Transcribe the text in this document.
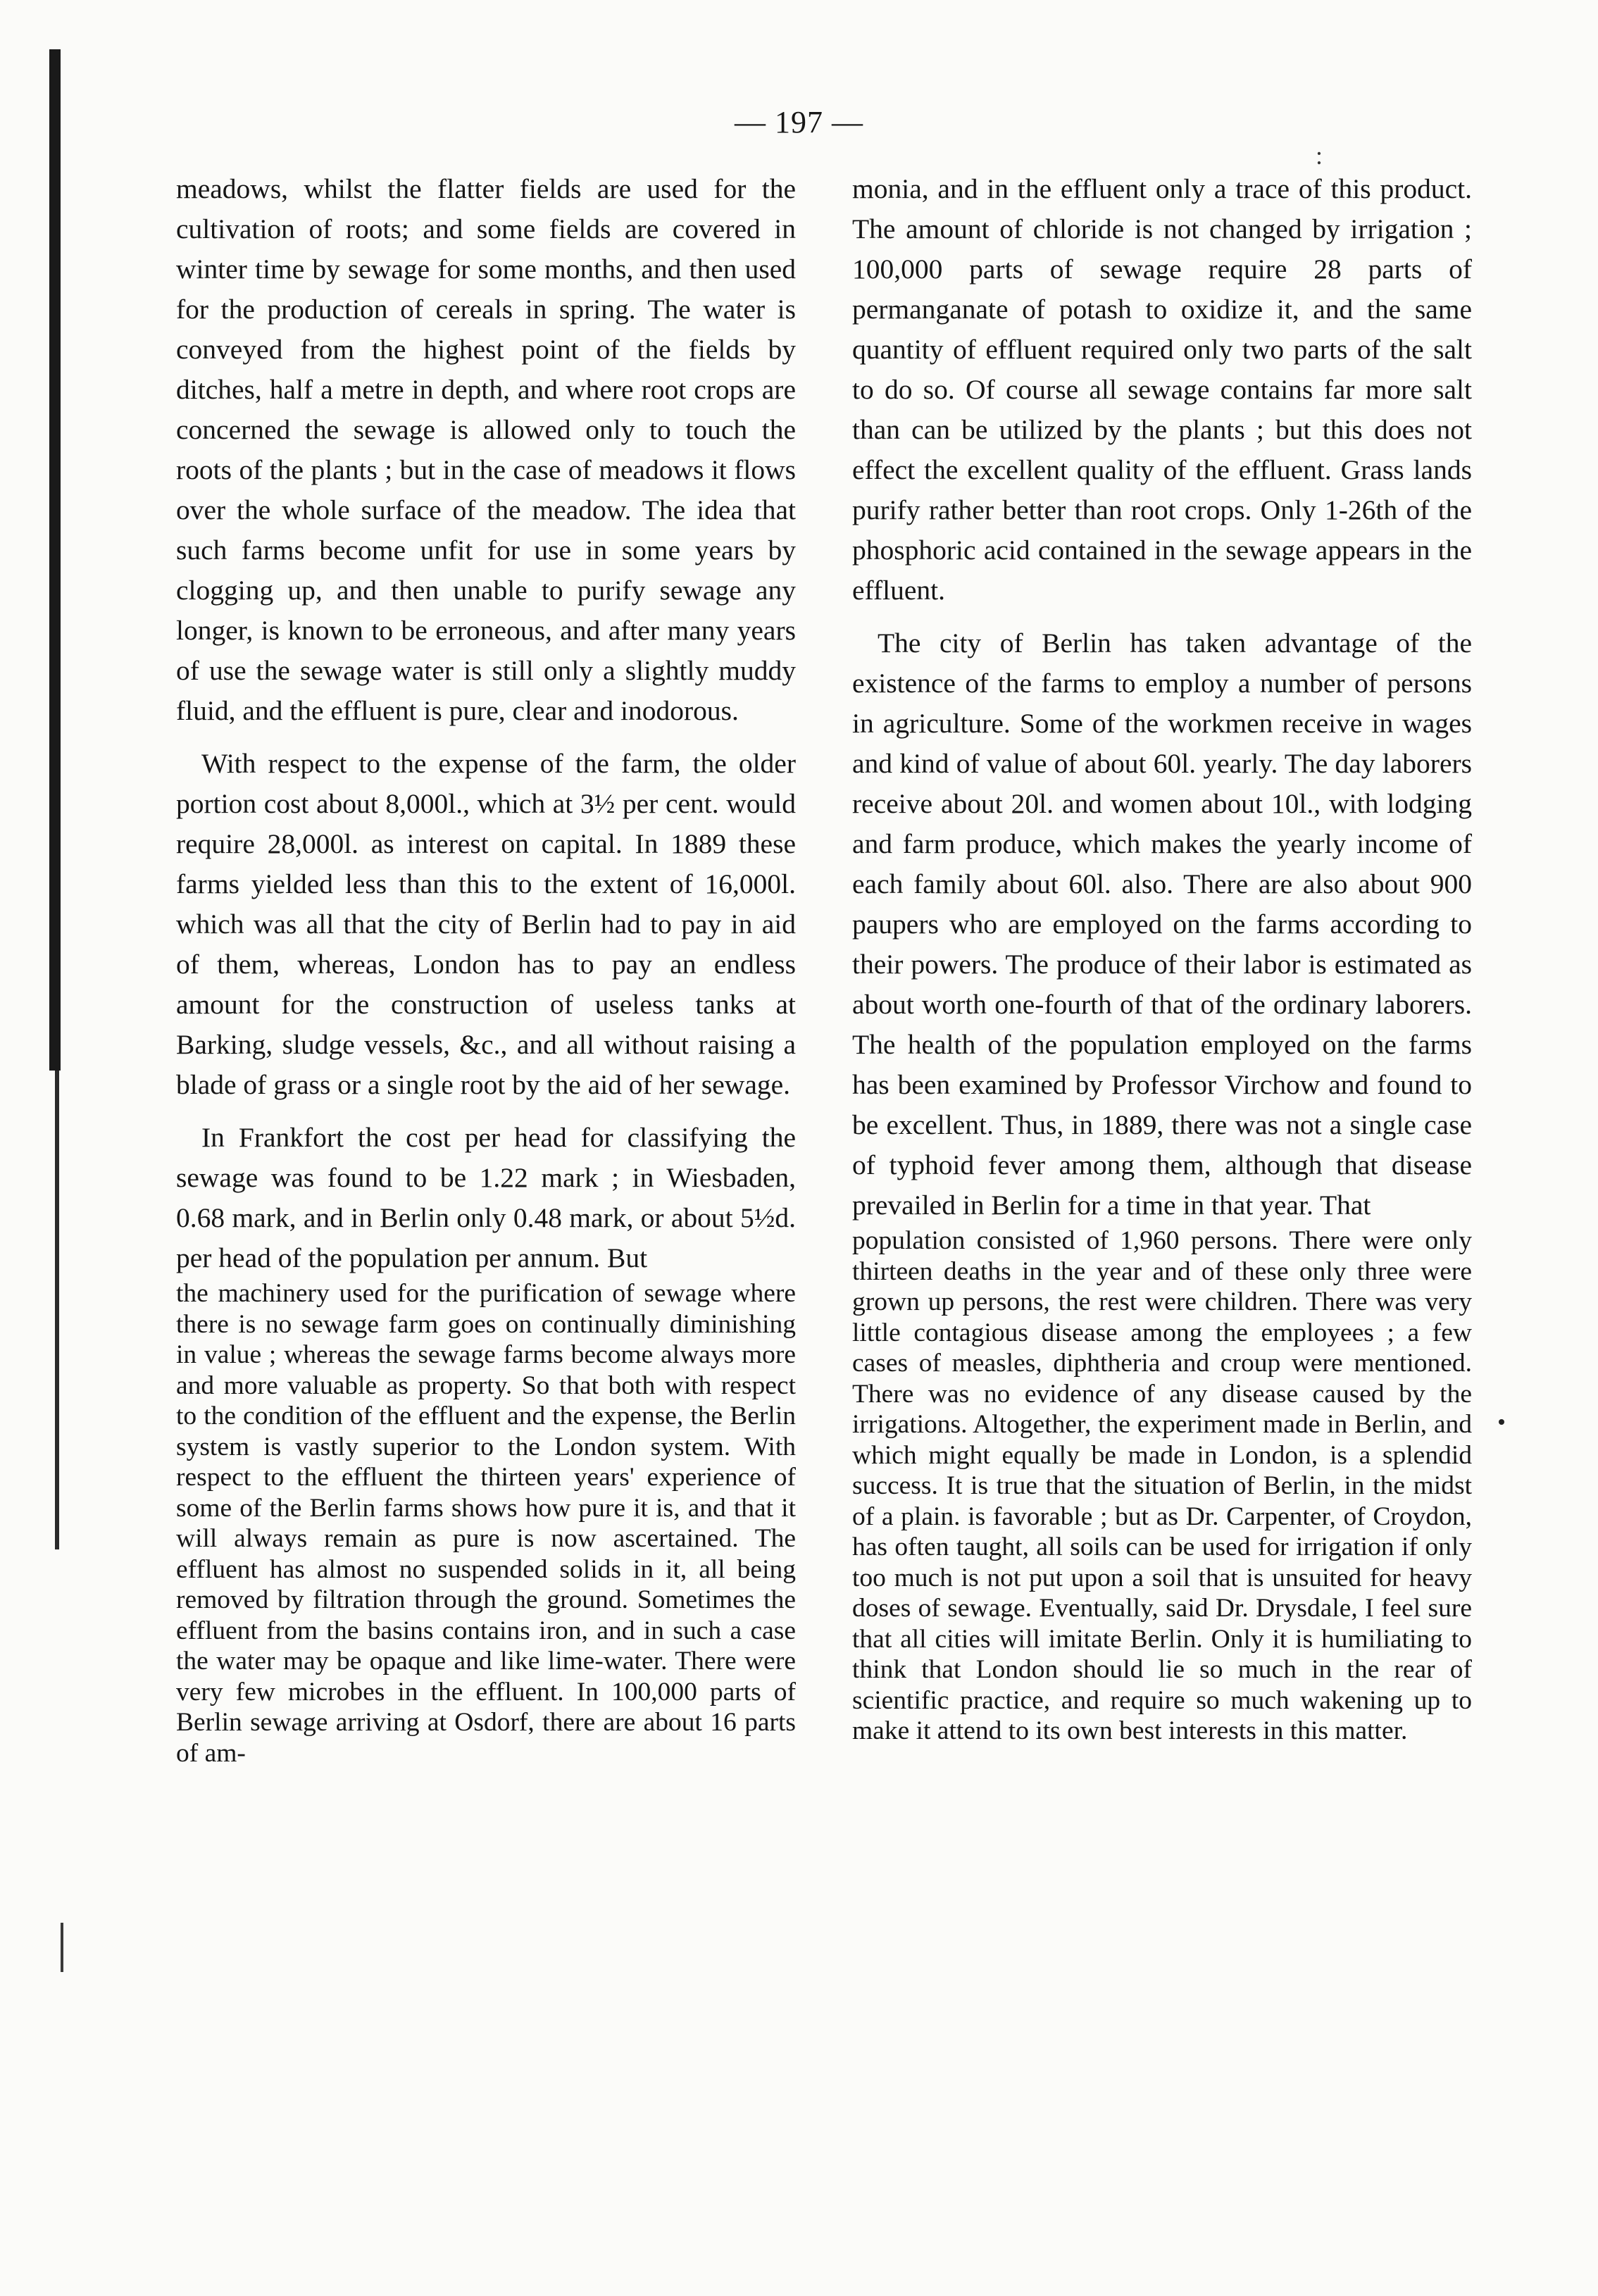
— 197 —
:

meadows, whilst the flatter fields are used for the cultivation of roots; and some fields are covered in winter time by sewage for some months, and then used for the production of cereals in spring. The water is conveyed from the highest point of the fields by ditches, half a metre in depth, and where root crops are concerned the sewage is allowed only to touch the roots of the plants ; but in the case of meadows it flows over the whole surface of the meadow. The idea that such farms become unfit for use in some years by clogging up, and then unable to purify sewage any longer, is known to be erroneous, and after many years of use the sewage water is still only a slightly muddy fluid, and the effluent is pure, clear and inodorous.

With respect to the expense of the farm, the older portion cost about 8,000l., which at 3½ per cent. would require 28,000l. as interest on capital. In 1889 these farms yielded less than this to the extent of 16,000l. which was all that the city of Berlin had to pay in aid of them, whereas, London has to pay an endless amount for the construction of useless tanks at Barking, sludge vessels, &c., and all without raising a blade of grass or a single root by the aid of her sewage.

In Frankfort the cost per head for classifying the sewage was found to be 1.22 mark ; in Wiesbaden, 0.68 mark, and in Berlin only 0.48 mark, or about 5½d. per head of the population per annum. But

the machinery used for the purification of sewage where there is no sewage farm goes on continually diminishing in value ; whereas the sewage farms become always more and more valuable as property. So that both with respect to the condition of the effluent and the expense, the Berlin system is vastly superior to the London system. With respect to the effluent the thirteen years' experience of some of the Berlin farms shows how pure it is, and that it will always remain as pure is now ascertained. The effluent has almost no suspended solids in it, all being removed by filtration through the ground. Sometimes the effluent from the basins contains iron, and in such a case the water may be opaque and like lime-water. There were very few microbes in the effluent. In 100,000 parts of Berlin sewage arriving at Osdorf, there are about 16 parts of am-

monia, and in the effluent only a trace of this product. The amount of chloride is not changed by irrigation ; 100,000 parts of sewage require 28 parts of permanganate of potash to oxidize it, and the same quantity of effluent required only two parts of the salt to do so. Of course all sewage contains far more salt than can be utilized by the plants ; but this does not effect the excellent quality of the effluent. Grass lands purify rather better than root crops. Only 1-26th of the phosphoric acid contained in the sewage appears in the effluent.

The city of Berlin has taken advantage of the existence of the farms to employ a number of persons in agriculture. Some of the workmen receive in wages and kind of value of about 60l. yearly. The day laborers receive about 20l. and women about 10l., with lodging and farm produce, which makes the yearly income of each family about 60l. also. There are also about 900 paupers who are employed on the farms according to their powers. The produce of their labor is estimated as about worth one-fourth of that of the ordinary laborers. The health of the population employed on the farms has been examined by Professor Virchow and found to be excellent. Thus, in 1889, there was not a single case of typhoid fever among them, although that disease prevailed in Berlin for a time in that year. That

population consisted of 1,960 persons. There were only thirteen deaths in the year and of these only three were grown up persons, the rest were children. There was very little contagious disease among the employees ; a few cases of measles, diphtheria and croup were mentioned. There was no evidence of any disease caused by the irrigations. Altogether, the experiment made in Berlin, and which might equally be made in London, is a splendid success. It is true that the situation of Berlin, in the midst of a plain. is favorable ; but as Dr. Carpenter, of Croydon, has often taught, all soils can be used for irrigation if only too much is not put upon a soil that is unsuited for heavy doses of sewage. Eventually, said Dr. Drysdale, I feel sure that all cities will imitate Berlin. Only it is humiliating to think that London should lie so much in the rear of scientific practice, and require so much wakening up to make it attend to its own best interests in this matter.
